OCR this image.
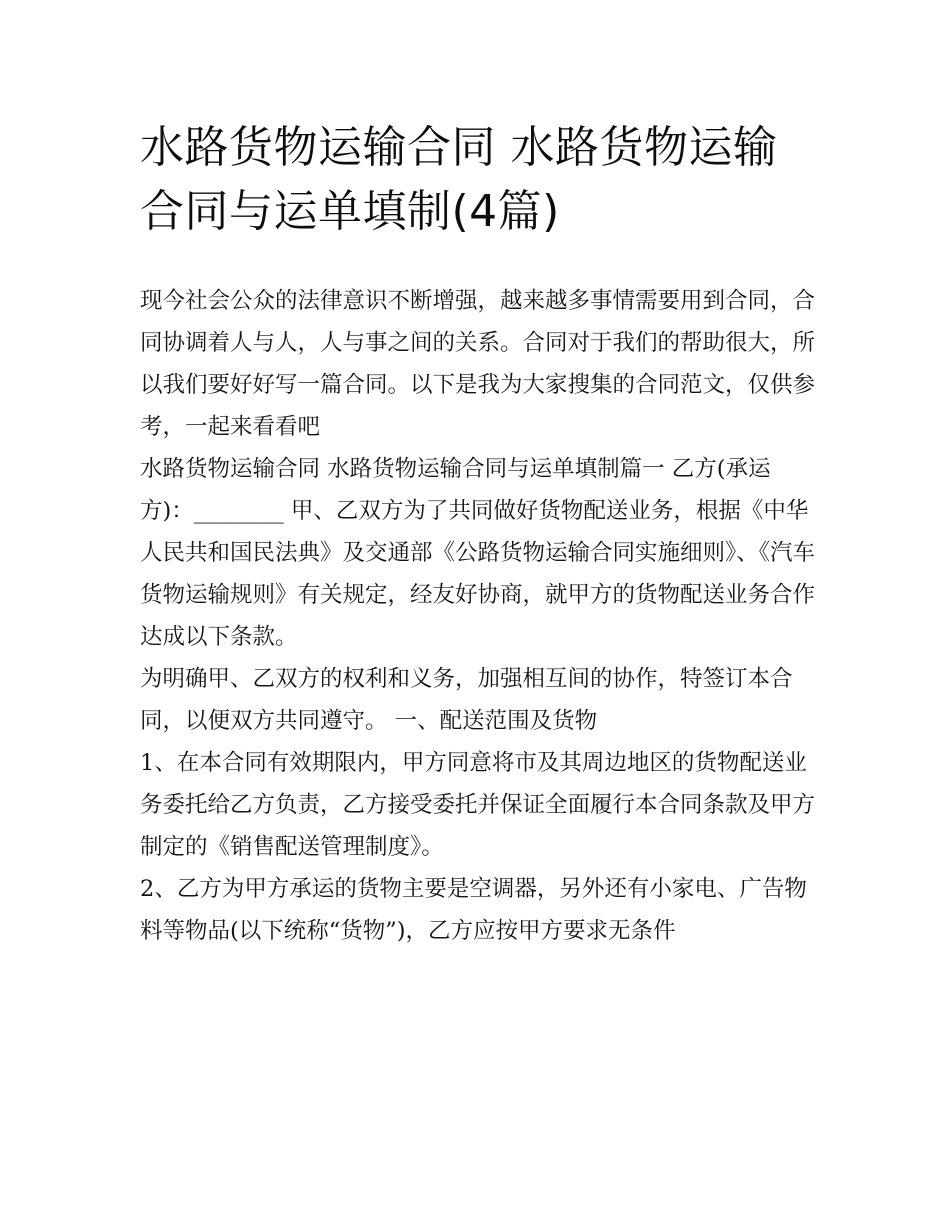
水路货物运输合同 水路货物运输合同与运单填制(4篇)

现今社会公众的法律意识不断增强，越来越多事情需要用到合同，合同协调着人与人，人与事之间的关系。合同对于我们的帮助很大，所以我们要好好写一篇合同。以下是我为大家搜集的合同范文，仅供参考，一起来看看吧

水路货物运输合同 水路货物运输合同与运单填制篇一 乙方(承运方)：________ 甲、乙双方为了共同做好货物配送业务，根据《中华人民共和国民法典》及交通部《公路货物运输合同实施细则》、《汽车货物运输规则》有关规定，经友好协商，就甲方的货物配送业务合作达成以下条款。

为明确甲、乙双方的权利和义务，加强相互间的协作，特签订本合同，以便双方共同遵守。 一、配送范围及货物

1、在本合同有效期限内，甲方同意将市及其周边地区的货物配送业务委托给乙方负责，乙方接受委托并保证全面履行本合同条款及甲方制定的《销售配送管理制度》。

2、乙方为甲方承运的货物主要是空调器，另外还有小家电、广告物料等物品(以下统称“货物”)，乙方应按甲方要求无条件
